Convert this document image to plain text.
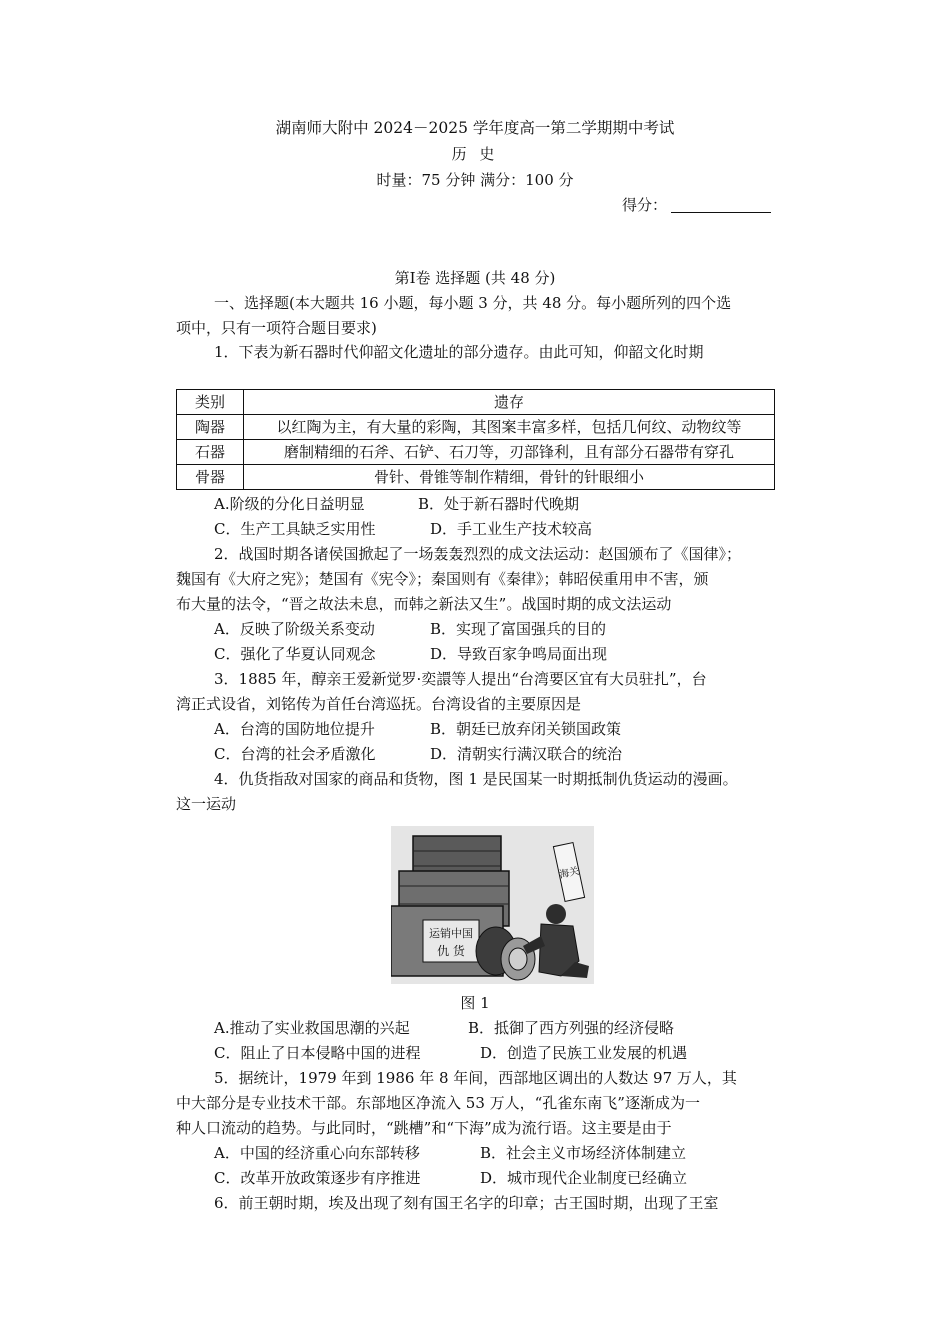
湖南师大附中 2024－2025 学年度高一第二学期期中考试
历 史
时量：75 分钟 满分：100 分
得分：
第Ⅰ卷 选择题 (共 48 分)
一、选择题(本大题共 16 小题，每小题 3 分，共 48 分。每小题所列的四个选
项中，只有一项符合题目要求)
1．下表为新石器时代仰韶文化遗址的部分遗存。由此可知，仰韶文化时期
类别	遗存
陶器	以红陶为主，有大量的彩陶，其图案丰富多样，包括几何纹、动物纹等
石器	磨制精细的石斧、石铲、石刀等，刃部锋利，且有部分石器带有穿孔
骨器	骨针、骨锥等制作精细，骨针的针眼细小
A.阶级的分化日益明显	B．处于新石器时代晚期
C．生产工具缺乏实用性	D．手工业生产技术较高
2．战国时期各诸侯国掀起了一场轰轰烈烈的成文法运动：赵国颁布了《国律》；
魏国有《大府之宪》；楚国有《宪令》；秦国则有《秦律》；韩昭侯重用申不害，颁
布大量的法令，“晋之故法未息，而韩之新法又生”。战国时期的成文法运动
A．反映了阶级关系变动	B．实现了富国强兵的目的
C．强化了华夏认同观念	D．导致百家争鸣局面出现
3．1885 年，醇亲王爱新觉罗·奕譞等人提出“台湾要区宜有大员驻扎”，台
湾正式设省，刘铭传为首任台湾巡抚。台湾设省的主要原因是
A．台湾的国防地位提升	B．朝廷已放弃闭关锁国政策
C．台湾的社会矛盾激化	D．清朝实行满汉联合的统治
4．仇货指敌对国家的商品和货物，图 1 是民国某一时期抵制仇货运动的漫画。
这一运动
运销中国
仇 货
海关
图 1
A.推动了实业救国思潮的兴起	B．抵御了西方列强的经济侵略
C．阻止了日本侵略中国的进程	D．创造了民族工业发展的机遇
5．据统计，1979 年到 1986 年 8 年间，西部地区调出的人数达 97 万人，其
中大部分是专业技术干部。东部地区净流入 53 万人，“孔雀东南飞”逐渐成为一
种人口流动的趋势。与此同时，“跳槽”和“下海”成为流行语。这主要是由于
A．中国的经济重心向东部转移	B．社会主义市场经济体制建立
C．改革开放政策逐步有序推进	D．城市现代企业制度已经确立
6．前王朝时期，埃及出现了刻有国王名字的印章；古王国时期，出现了王室
